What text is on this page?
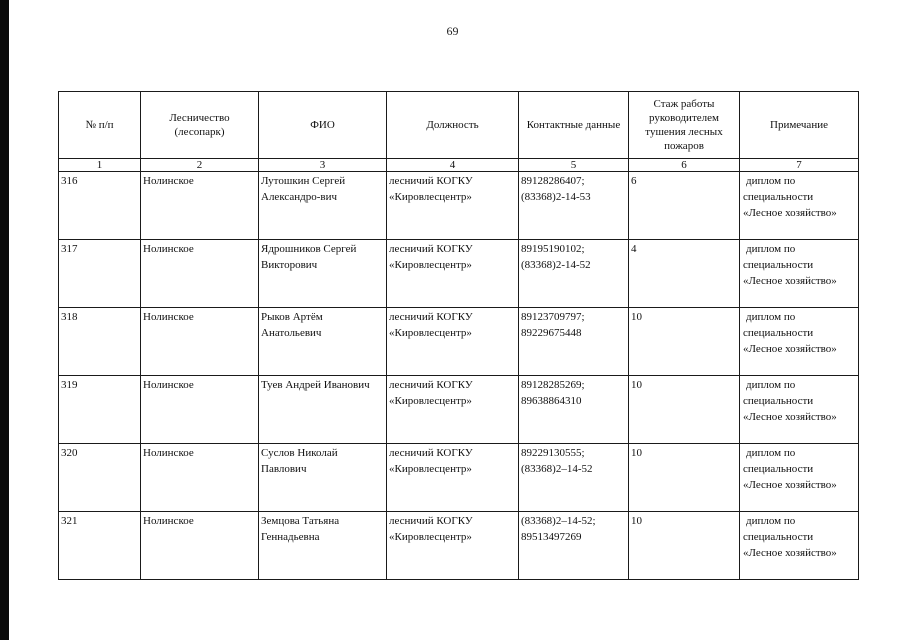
69
№ п/п	Лесничество (лесопарк)	ФИО	Должность	Контактные данные	Стаж работы руководителем тушения лесных пожаров	Примечание
1	2	3	4	5	6	7
316	Нолинское	Лутошкин Сергей Александро-вич	лесничий КОГКУ «Кировлесцентр»	89128286407;(83368)2-14-53	6	диплом по
специальности
«Лесное хозяйство»

317	Нолинское	Ядрошников Сергей Викторович	лесничий КОГКУ «Кировлесцентр»	89195190102;(83368)2-14-52	4	диплом по
специальности
«Лесное хозяйство»

318	Нолинское	Рыков Артём Анатольевич	лесничий КОГКУ «Кировлесцентр»	89123709797; 89229675448	10	диплом по
специальности
«Лесное хозяйство»

319	Нолинское	Туев Андрей Иванович	лесничий КОГКУ «Кировлесцентр»	89128285269; 89638864310	10	диплом по
специальности
«Лесное хозяйство»

320	Нолинское	Суслов Николай Павлович	лесничий КОГКУ «Кировлесцентр»	89229130555; (83368)2–14-52	10	диплом по
специальности
«Лесное хозяйство»

321	Нолинское	Земцова Татьяна Геннадьевна	лесничий КОГКУ «Кировлесцентр»	(83368)2–14-52; 89513497269	10	диплом по
специальности
«Лесное хозяйство»
